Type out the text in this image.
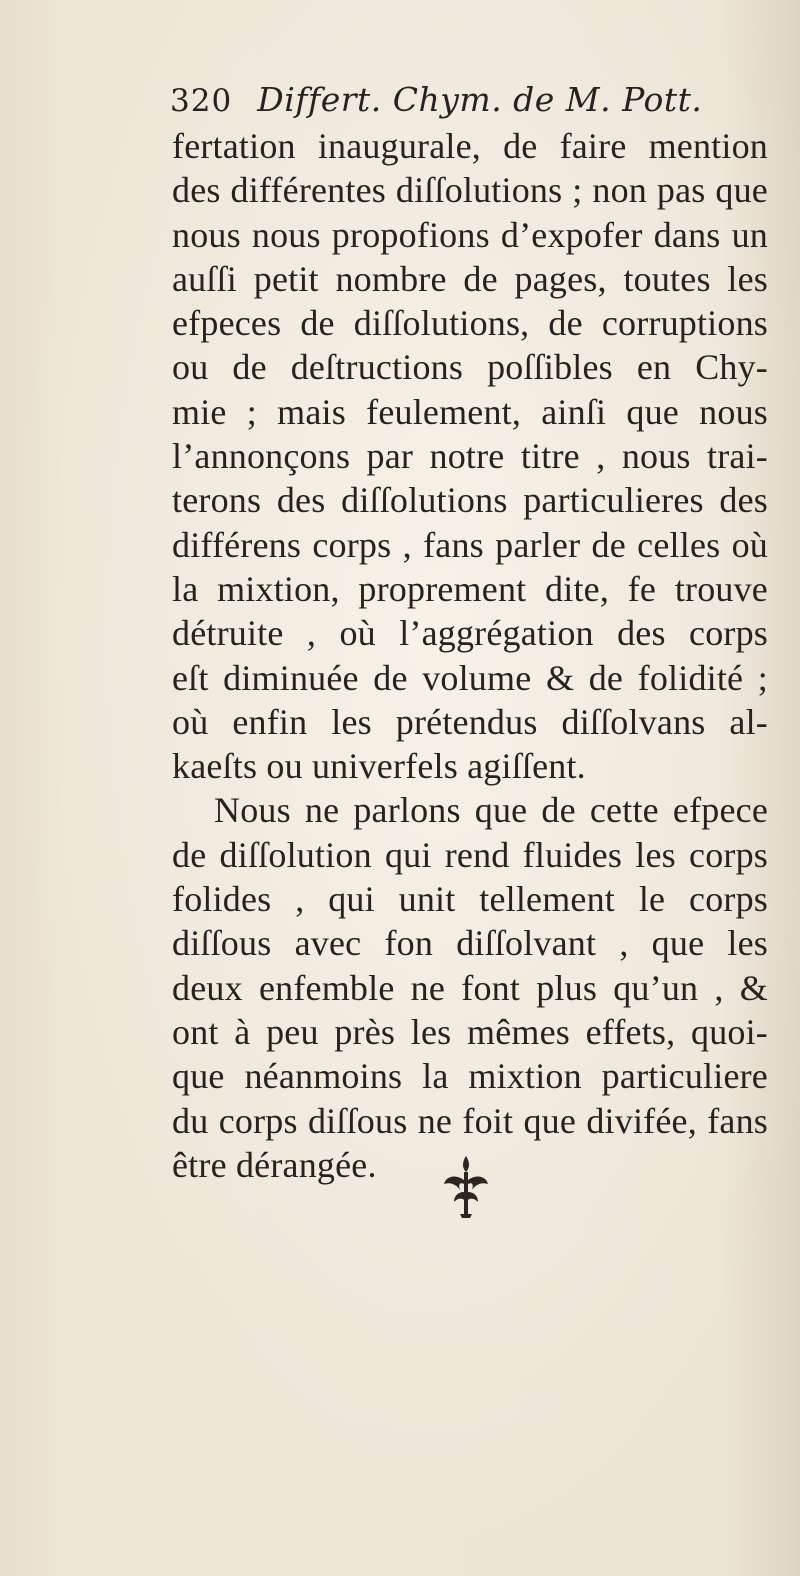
320 Differt. Chym. de M. Pott.
fertation inaugurale, de faire mention
des différentes diſſolutions ; non pas que
nous nous propofions d’expofer dans un
auſſi petit nombre de pages, toutes les
efpeces de diſſolutions, de corruptions
ou de deſtructions poſſibles en Chy-
mie ; mais feulement, ainſi que nous
l’annonçons par notre titre , nous trai-
terons des diſſolutions particulieres des
différens corps , fans parler de celles où
la mixtion, proprement dite, fe trouve
détruite , où l’aggrégation des corps
eſt diminuée de volume & de folidité ;
où enfin les prétendus diſſolvans al-
kaeſts ou univerfels agiſſent.
Nous ne parlons que de cette efpece
de diſſolution qui rend fluides les corps
folides , qui unit tellement le corps
diſſous avec fon diſſolvant , que les
deux enfemble ne font plus qu’un , &
ont à peu près les mêmes effets, quoi-
que néanmoins la mixtion particuliere
du corps diſſous ne foit que divifée, fans
être dérangée.
